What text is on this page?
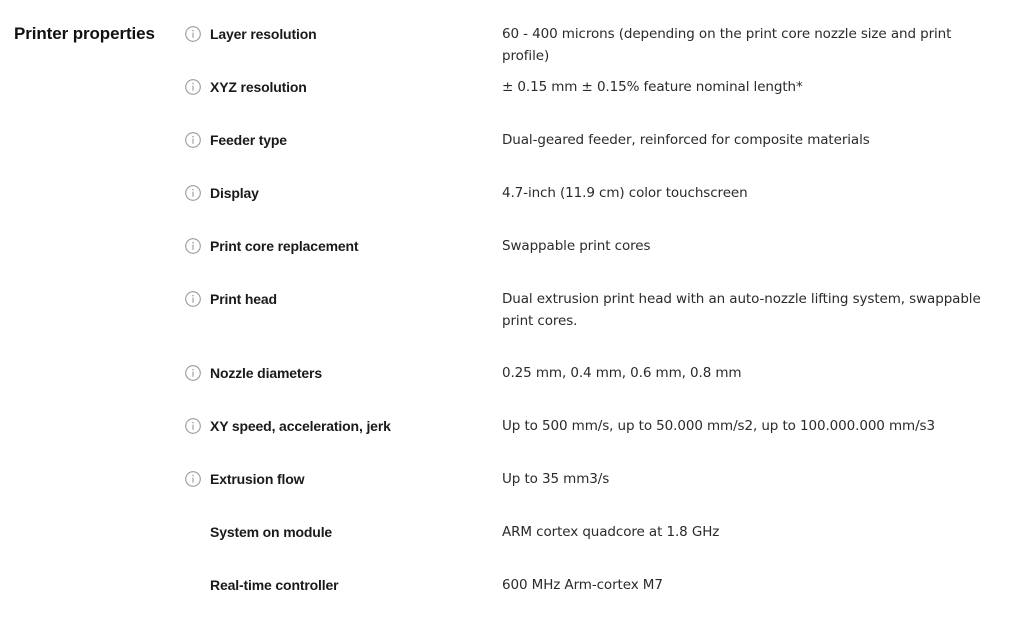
Printer properties	Layer resolution	60 - 400 microns (depending on the print core nozzle size and print profile)
XYZ resolution	± 0.15 mm ± 0.15% feature nominal length*
Feeder type	Dual-geared feeder, reinforced for composite materials
Display	4.7-inch (11.9 cm) color touchscreen
Print core replacement	Swappable print cores
Print head	Dual extrusion print head with an auto-nozzle lifting system, swappable print cores.
Nozzle diameters	0.25 mm, 0.4 mm, 0.6 mm, 0.8 mm
XY speed, acceleration, jerk	Up to 500 mm/s, up to 50.000 mm/s2, up to 100.000.000 mm/s3
Extrusion flow	Up to 35 mm3/s
System on module	ARM cortex quadcore at 1.8 GHz
Real-time controller	600 MHz Arm-cortex M7
